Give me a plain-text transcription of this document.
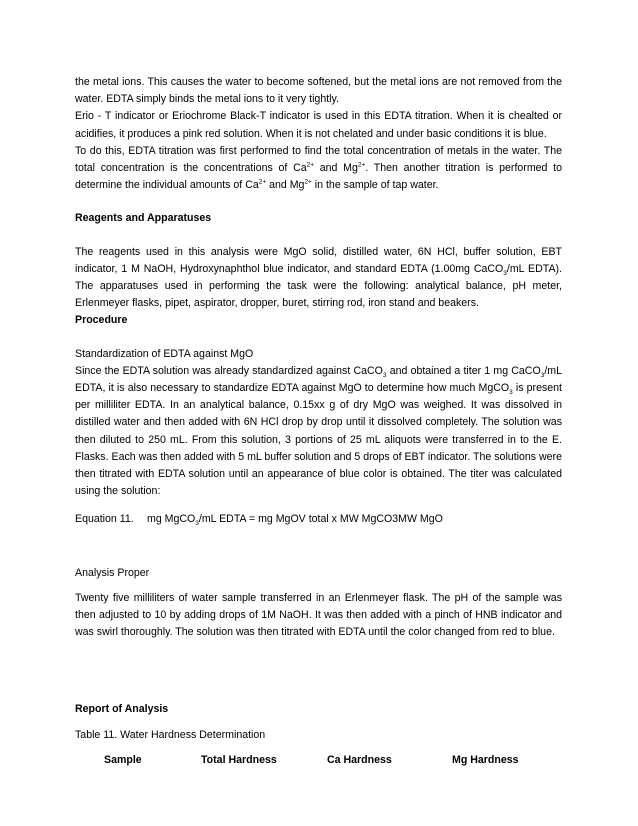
the metal ions. This causes the water to become softened, but the metal ions are not removed from the water. EDTA simply binds the metal ions to it very tightly.

Erio - T indicator or Eriochrome Black-T indicator is used in this EDTA titration. When it is chealted or acidifies, it produces a pink red solution. When it is not chelated and under basic conditions it is blue.

To do this, EDTA titration was first performed to find the total concentration of metals in the water. The total concentration is the concentrations of $Ca^{2+}$ and $Mg^{2+}$. Then another titration is performed to determine the individual amounts of $Ca^{2+}$ and $Mg^{2+}$ in the sample of tap water.

Reagents and Apparatuses

The reagents used in this analysis were MgO solid, distilled water, 6N HCl, buffer solution, EBT indicator, 1 M NaOH, Hydroxynaphthol blue indicator, and standard EDTA (1.00mg CaCO$_3$/mL EDTA). The apparatuses used in performing the task were the following: analytical balance, pH meter, Erlenmeyer flasks, pipet, aspirator, dropper, buret, stirring rod, iron stand and beakers.

Procedure

Standardization of EDTA against MgO

Since the EDTA solution was already standardized against CaCO$_3$ and obtained a titer 1 mg CaCO$_3$/mL EDTA, it is also necessary to standardize EDTA against MgO to determine how much MgCO$_3$ is present per milliliter EDTA. In an analytical balance, 0.15xx g of dry MgO was weighed. It was dissolved in distilled water and then added with 6N HCl drop by drop until it dissolved completely. The solution was then diluted to 250 mL. From this solution, 3 portions of 25 mL aliquots were transferred in to the E. Flasks. Each was then added with 5 mL buffer solution and 5 drops of EBT indicator. The solutions were then titrated with EDTA solution until an appearance of blue color is obtained. The titer was calculated using the solution:

Equation 11.	mg MgCO$_3$/mL EDTA = mg MgOV total x MW MgCO3MW MgO

Analysis Proper

Twenty five milliliters of water sample transferred in an Erlenmeyer flask. The pH of the sample was then adjusted to 10 by adding drops of 1M NaOH. It was then added with a pinch of HNB indicator and was swirl thoroughly. The solution was then titrated with EDTA until the color changed from red to blue.

Report of Analysis

Table 11. Water Hardness Determination

Sample	Total Hardness	Ca Hardness	Mg Hardness
